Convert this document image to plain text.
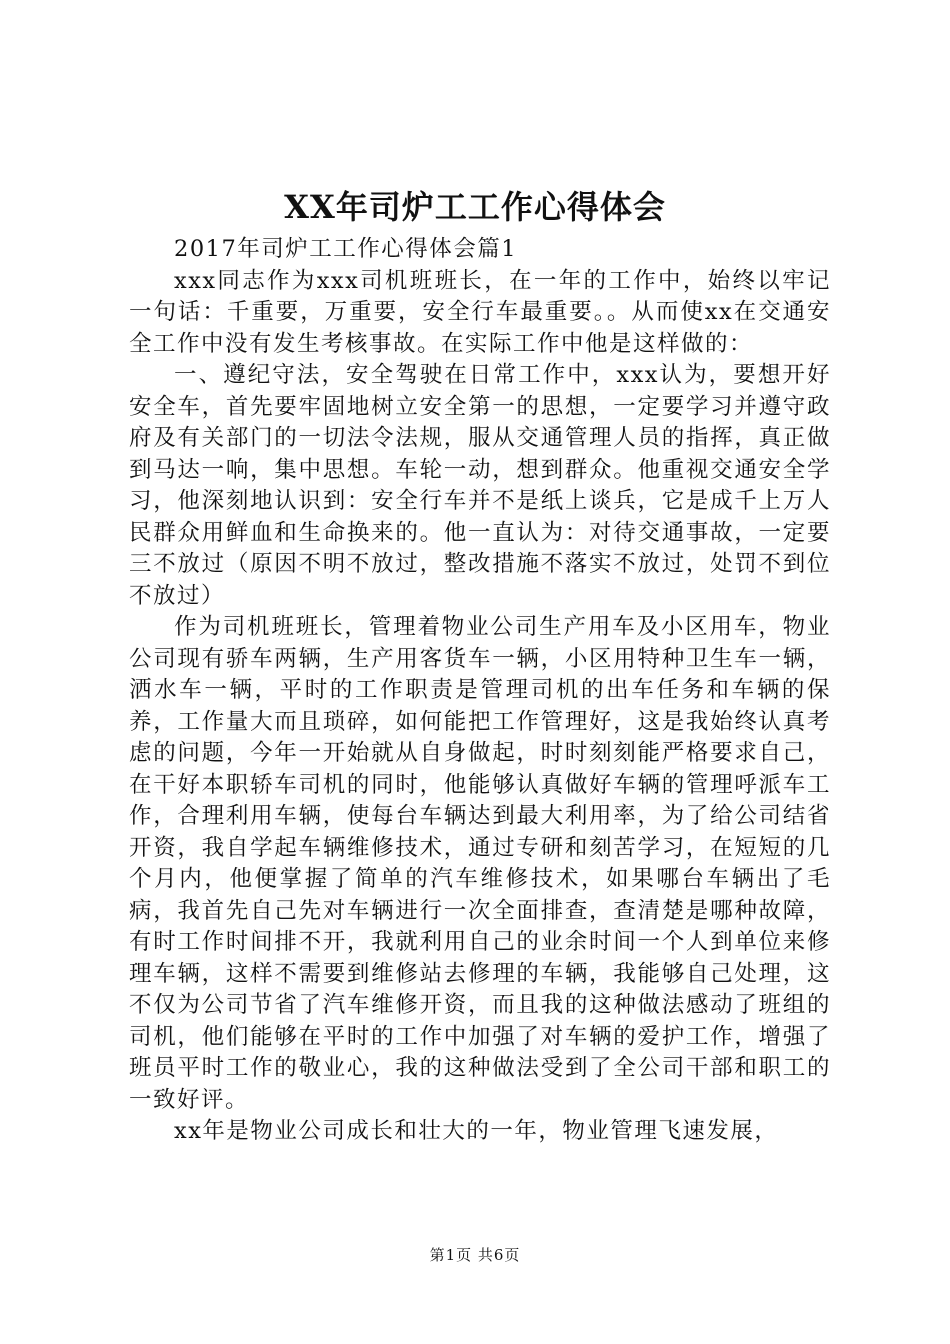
XX年司炉工工作心得体会

2017年司炉工工作心得体会篇1

xxx同志作为xxx司机班班长，在一年的工作中，始终以牢记一句话：千重要，万重要，安全行车最重要。。从而使xx在交通安全工作中没有发生考核事故。在实际工作中他是这样做的：

一、遵纪守法，安全驾驶在日常工作中，xxx认为，要想开好安全车，首先要牢固地树立安全第一的思想，一定要学习并遵守政府及有关部门的一切法令法规，服从交通管理人员的指挥，真正做到马达一响，集中思想。车轮一动，想到群众。他重视交通安全学习，他深刻地认识到：安全行车并不是纸上谈兵，它是成千上万人民群众用鲜血和生命换来的。他一直认为：对待交通事故，一定要三不放过（原因不明不放过，整改措施不落实不放过，处罚不到位不放过）

作为司机班班长，管理着物业公司生产用车及小区用车，物业公司现有骄车两辆，生产用客货车一辆，小区用特种卫生车一辆，洒水车一辆，平时的工作职责是管理司机的出车任务和车辆的保养，工作量大而且琐碎，如何能把工作管理好，这是我始终认真考虑的问题，今年一开始就从自身做起，时时刻刻能严格要求自己，在干好本职轿车司机的同时，他能够认真做好车辆的管理呼派车工作，合理利用车辆，使每台车辆达到最大利用率，为了给公司结省开资，我自学起车辆维修技术，通过专研和刻苦学习，在短短的几个月内，他便掌握了简单的汽车维修技术，如果哪台车辆出了毛病，我首先自己先对车辆进行一次全面排查，查清楚是哪种故障，有时工作时间排不开，我就利用自己的业余时间一个人到单位来修理车辆，这样不需要到维修站去修理的车辆，我能够自己处理，这不仅为公司节省了汽车维修开资，而且我的这种做法感动了班组的司机，他们能够在平时的工作中加强了对车辆的爱护工作，增强了班员平时工作的敬业心，我的这种做法受到了全公司干部和职工的一致好评。

xx年是物业公司成长和壮大的一年，物业管理飞速发展，

第1页 共6页
